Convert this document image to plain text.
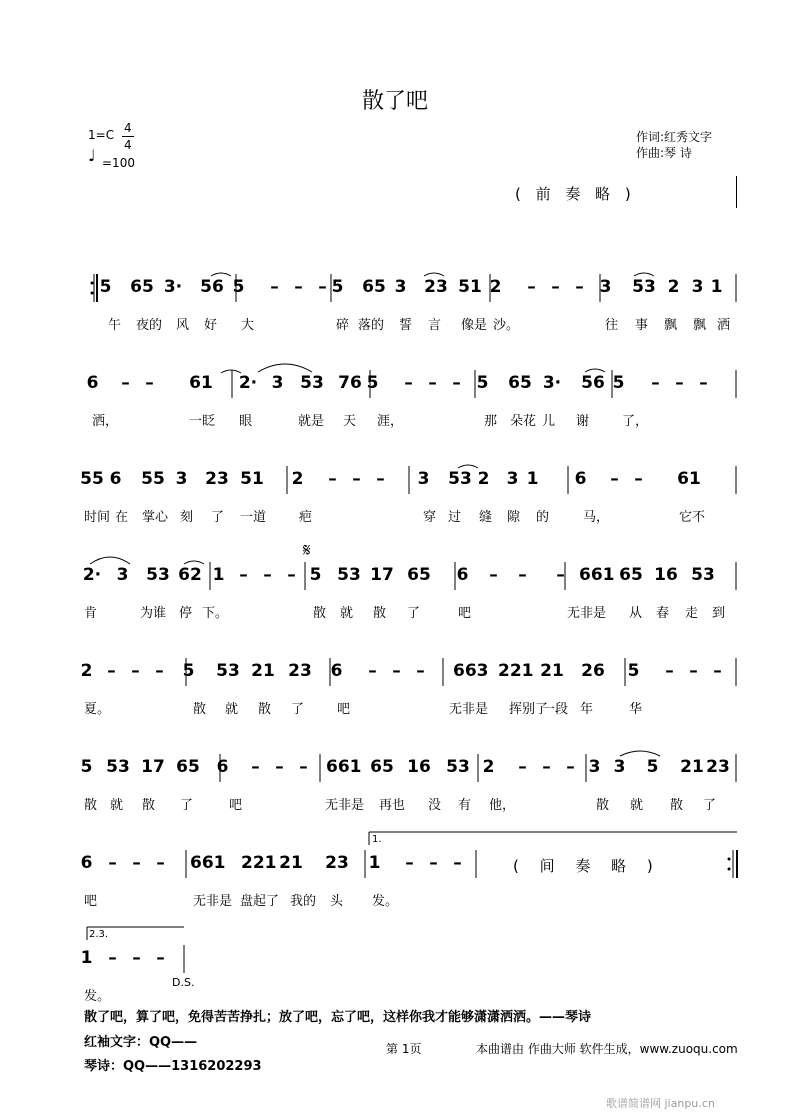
散了吧
1=C 4
4
♩ =100
作词:红秀文字
作曲:琴 诗
( 前 奏 略 )
5 65 3· 56 5 – – – 5 65 3 23 51 2 – – – 3 53 2 3 1
午 夜的 风 好 大	碎 落的 誓 言 像是 沙。	往 事 飘 飘 洒
6 – – 61 2· 3 53 76 5 – – – 5 65 3· 56 5 – – –
洒，	一眨 眼	就是 天 涯，	那 朵花 儿 谢	了，
55 6 55 3 23 51 2 – – – 3 53 2 3 1 6 – – 61
时间 在 掌心 刻 了 一道	疤	穿 过 缝 隙 的	马，	它不
2· 3 53 62 1 – – – 5 53 17 65 6 – – – 661 65 16 53
肯	为谁 停 下。	散 就 散 了	吧	无非是 从 春 走 到
2 – – – 5 53 21 23 6 – – – 663 221 21 26 5 – – –
夏。	散 就 散 了	吧	无非是 挥别了
一段 年	华
5 53 17 65 6 – – – 661 65 16 53 2 – – – 3 3 5 21 23
散 就 散 了	吧	无非是 再也 没 有 他，	散 就 散 了
6 – – – 661 221 21 23 1 – – –
吧	无非是 盘起了 我的 头 发。
1 – – –
发。
( 间 奏 略 )
1.
2.3.
D.S.
𝄋
散了吧，算了吧，免得苦苦挣扎；放了吧，忘了吧，这样你我才能够潇潇洒洒。——琴诗
红袖文字：QQ——
琴诗：QQ——1316202293
第 1页	本曲谱由 作曲大师 软件生成，www.zuoqu.com
歌谱简谱网 jianpu.cn
